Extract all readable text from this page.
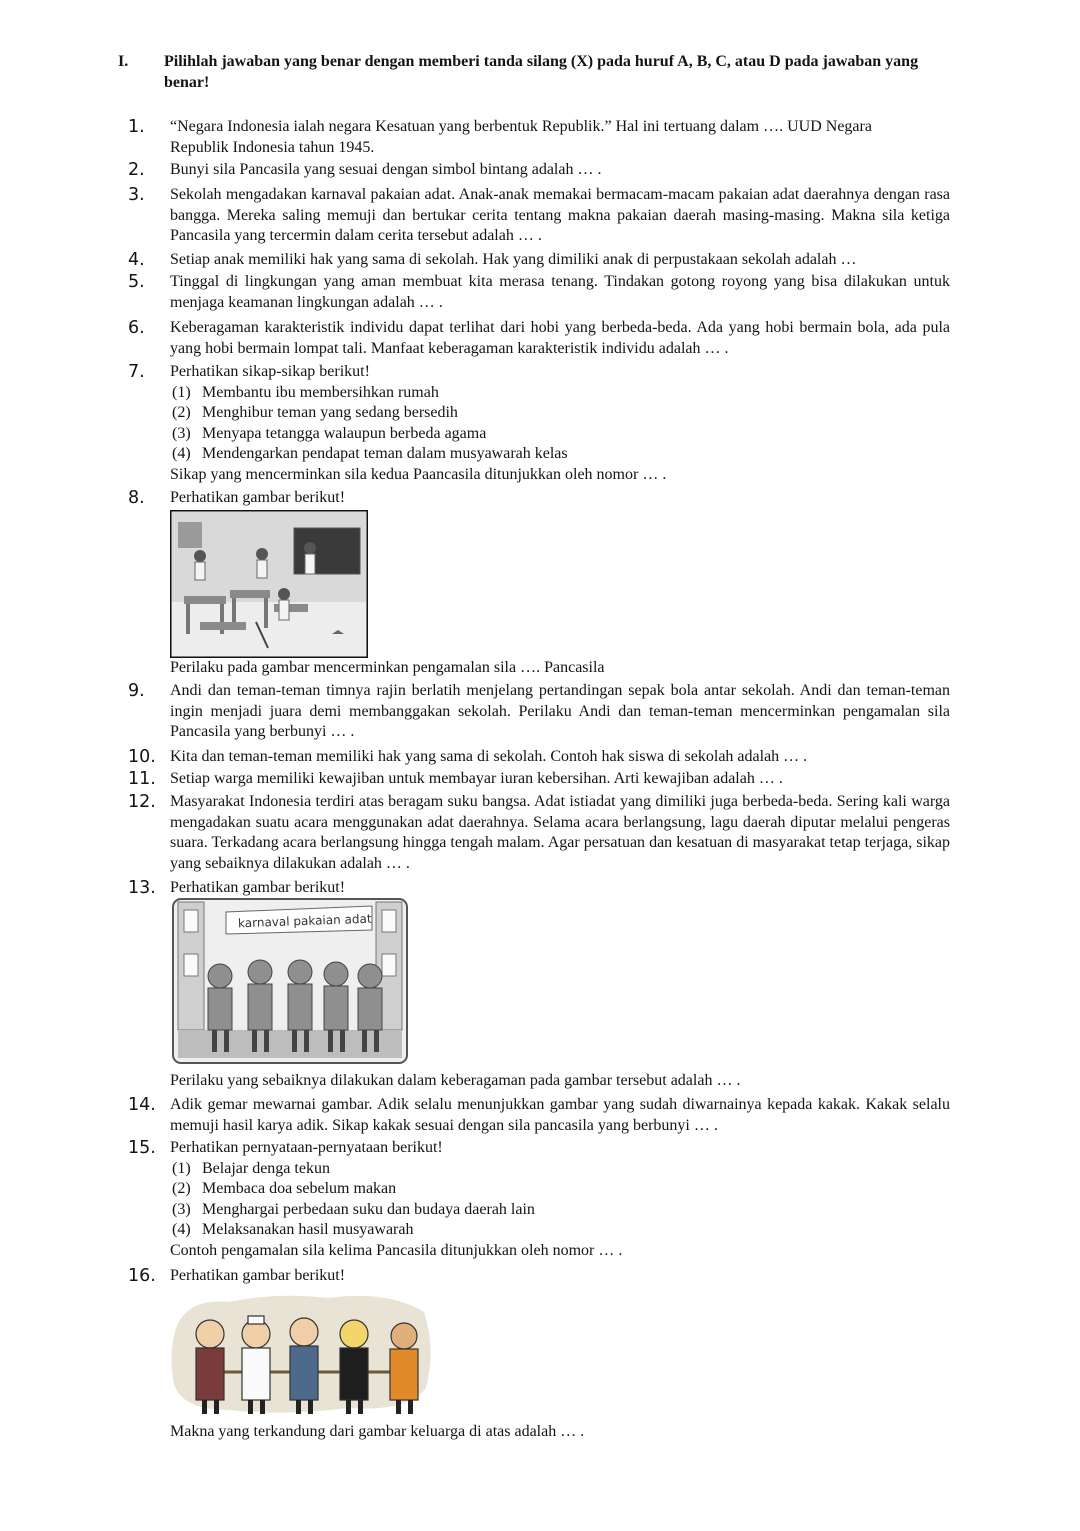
I. Pilihlah jawaban yang benar dengan memberi tanda silang (X) pada huruf A, B, C, atau D pada jawaban yang benar!
1. “Negara Indonesia ialah negara Kesatuan yang berbentuk Republik.” Hal ini tertuang dalam …. UUD Negara Republik Indonesia tahun 1945.

2. Bunyi sila Pancasila yang sesuai dengan simbol bintang adalah … .

3. Sekolah mengadakan karnaval pakaian adat. Anak-anak memakai bermacam-macam pakaian adat daerahnya dengan rasa bangga. Mereka saling memuji dan bertukar cerita tentang makna pakaian daerah masing-masing. Makna sila ketiga Pancasila yang tercermin dalam cerita tersebut adalah … .

4. Setiap anak memiliki hak yang sama di sekolah. Hak yang dimiliki anak di perpustakaan sekolah adalah …

5. Tinggal di lingkungan yang aman membuat kita merasa tenang. Tindakan gotong royong yang bisa dilakukan untuk menjaga keamanan lingkungan adalah … .

6. Keberagaman karakteristik individu dapat terlihat dari hobi yang berbeda-beda. Ada yang hobi bermain bola, ada pula yang hobi bermain lompat tali. Manfaat keberagaman karakteristik individu adalah … .

7. Perhatikan sikap-sikap berikut!

(1) Membantu ibu membersihkan rumah
(2) Menghibur teman yang sedang bersedih
(3) Menyapa tetangga walaupun berbeda agama
(4) Mendengarkan pendapat teman dalam musyawarah kelas

Sikap yang mencerminkan sila kedua Paancasila ditunjukkan oleh nomor … .

8. Perhatikan gambar berikut!

Perilaku pada gambar mencerminkan pengamalan sila …. Pancasila

9. Andi dan teman-teman timnya rajin berlatih menjelang pertandingan sepak bola antar sekolah. Andi dan teman-teman ingin menjadi juara demi membanggakan sekolah. Perilaku Andi dan teman-teman mencerminkan pengamalan sila Pancasila yang berbunyi … .

10. Kita dan teman-teman memiliki hak yang sama di sekolah. Contoh hak siswa di sekolah adalah … .

11. Setiap warga memiliki kewajiban untuk membayar iuran kebersihan. Arti kewajiban adalah … .

12. Masyarakat Indonesia terdiri atas beragam suku bangsa. Adat istiadat yang dimiliki juga berbeda-beda. Sering kali warga mengadakan suatu acara menggunakan adat daerahnya. Selama acara berlangsung, lagu daerah diputar melalui pengeras suara. Terkadang acara berlangsung hingga tengah malam. Agar persatuan dan kesatuan di masyarakat tetap terjaga, sikap yang sebaiknya dilakukan adalah … .

13. Perhatikan gambar berikut!

karnaval pakaian adat

Perilaku yang sebaiknya dilakukan dalam keberagaman pada gambar tersebut adalah … .

14. Adik gemar mewarnai gambar. Adik selalu menunjukkan gambar yang sudah diwarnainya kepada kakak. Kakak selalu memuji hasil karya adik. Sikap kakak sesuai dengan sila pancasila yang berbunyi … .

15. Perhatikan pernyataan-pernyataan berikut!

(1) Belajar denga tekun
(2) Membaca doa sebelum makan
(3) Menghargai perbedaan suku dan budaya daerah lain
(4) Melaksanakan hasil musyawarah

Contoh pengamalan sila kelima Pancasila ditunjukkan oleh nomor … .

16. Perhatikan gambar berikut!

Makna yang terkandung dari gambar keluarga di atas adalah … .
